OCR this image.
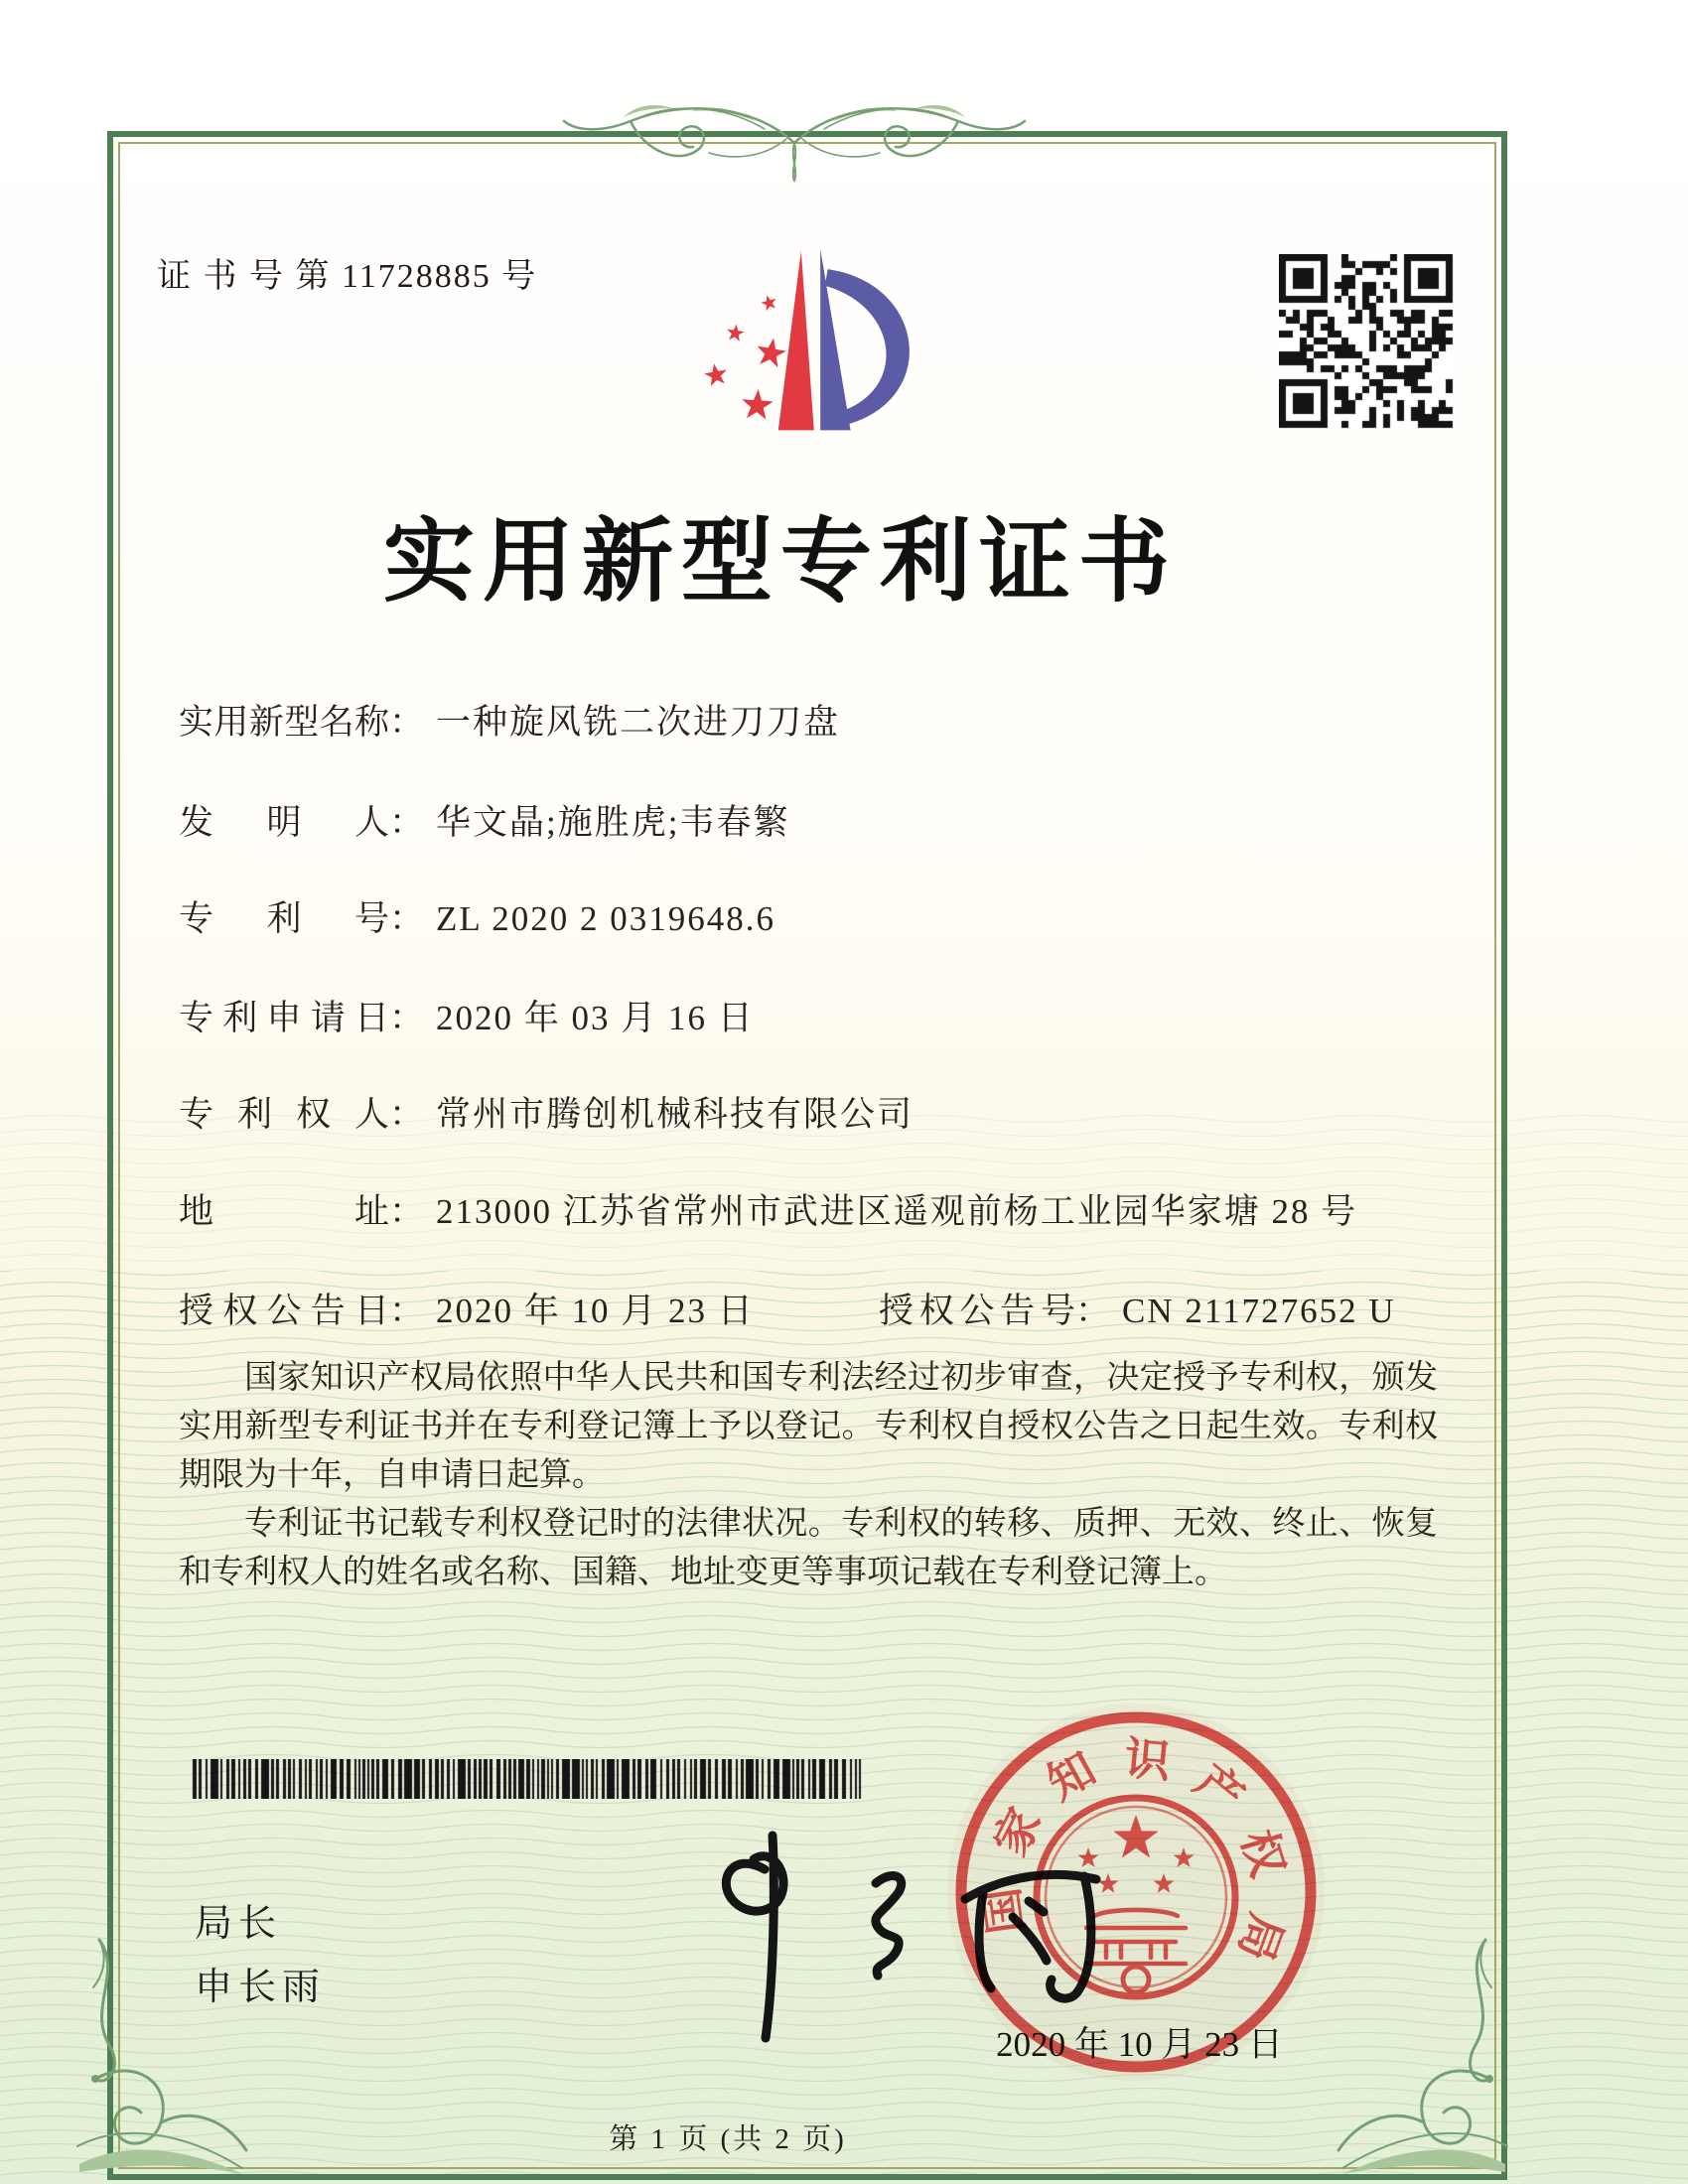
证 书 号 第 11728885 号
实用新型专利证书
实用新型名称： 一种旋风铣二次进刀刀盘
发明人： 华文晶;施胜虎;韦春繁
专利号： ZL 2020 2 0319648.6
专利申请日： 2020 年 03 月 16 日
专利权人： 常州市腾创机械科技有限公司
地址： 213000 江苏省常州市武进区遥观前杨工业园华家塘 28 号
授权公告日： 2020 年 10 月 23 日	授权公告号： CN 211727652 U

国家知识产权局依照中华人民共和国专利法经过初步审查，决定授予专利权，颁发实用新型专利证书并在专利登记簿上予以登记。专利权自授权公告之日起生效。专利权期限为十年，自申请日起算。

专利证书记载专利权登记时的法律状况。专利权的转移、质押、无效、终止、恢复和专利权人的姓名或名称、国籍、地址变更等事项记载在专利登记簿上。

局长
申长雨
国
家
知 识 产
权
局
2020 年 10 月 23 日
第 1 页 (共 2 页)
